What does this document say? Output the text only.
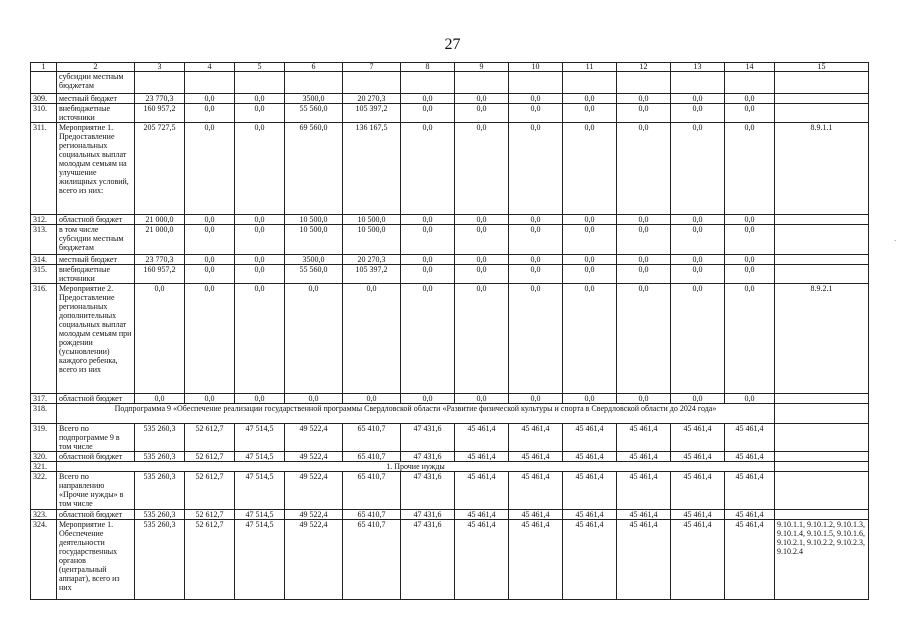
27
1	2	3	4	5	6	7	8	9	10	11	12	13	14	15
	субсидии местным бюджетам													
309.	местный бюджет	23 770,3	0,0	0,0	3500,0	20 270,3	0,0	0,0	0,0	0,0	0,0	0,0	0,0	
310.	внебюджетные источники	160 957,2	0,0	0,0	55 560,0	105 397,2	0,0	0,0	0,0	0,0	0,0	0,0	0,0	
311.	Мероприятие 1. Предоставление региональных социальных выплат молодым семьям на улучшение жилищных условий, всего из них:	205 727,5	0,0	0,0	69 560,0	136 167,5	0,0	0,0	0,0	0,0	0,0	0,0	0,0	8.9.1.1
312.	областной бюджет	21 000,0	0,0	0,0	10 500,0	10 500,0	0,0	0,0	0,0	0,0	0,0	0,0	0,0	
313.	в том числе субсидии местным бюджетам	21 000,0	0,0	0,0	10 500,0	10 500,0	0,0	0,0	0,0	0,0	0,0	0,0	0,0	
314.	местный бюджет	23 770,3	0,0	0,0	3500,0	20 270,3	0,0	0,0	0,0	0,0	0,0	0,0	0,0	
315.	внебюджетные источники	160 957,2	0,0	0,0	55 560,0	105 397,2	0,0	0,0	0,0	0,0	0,0	0,0	0,0	
316.	Мероприятие 2. Предоставление региональных дополнительных социальных выплат молодым семьям при рождении (усыновлении) каждого ребенка, всего из них	0,0	0,0	0,0	0,0	0,0	0,0	0,0	0,0	0,0	0,0	0,0	0,0	8.9.2.1
317.	областной бюджет	0,0	0,0	0,0	0,0	0,0	0,0	0,0	0,0	0,0	0,0	0,0	0,0	
318.	Подпрограмма 9 «Обеспечение реализации государственной программы Свердловской области «Развитие физической культуры и спорта в Свердловской области до 2024 года»													
319.	Всего по подпрограмме 9 в том числе	535 260,3	52 612,7	47 514,5	49 522,4	65 410,7	47 431,6	45 461,4	45 461,4	45 461,4	45 461,4	45 461,4	45 461,4	
320.	областной бюджет	535 260,3	52 612,7	47 514,5	49 522,4	65 410,7	47 431,6	45 461,4	45 461,4	45 461,4	45 461,4	45 461,4	45 461,4	
321.	1. Прочие нужды													
322.	Всего по направлению «Прочие нужды» в том числе	535 260,3	52 612,7	47 514,5	49 522,4	65 410,7	47 431,6	45 461,4	45 461,4	45 461,4	45 461,4	45 461,4	45 461,4	
323.	областной бюджет	535 260,3	52 612,7	47 514,5	49 522,4	65 410,7	47 431,6	45 461,4	45 461,4	45 461,4	45 461,4	45 461,4	45 461,4	
324.	Мероприятие 1. Обеспечение деятельности государственных органов (центральный аппарат), всего из них	535 260,3	52 612,7	47 514,5	49 522,4	65 410,7	47 431,6	45 461,4	45 461,4	45 461,4	45 461,4	45 461,4	45 461,4	9.10.1.1, 9.10.1.2, 9.10.1.3, 9.10.1.4, 9.10.1.5, 9.10.1.6, 9.10.2.1, 9.10.2.2, 9.10.2.3, 9.10.2.4
·
